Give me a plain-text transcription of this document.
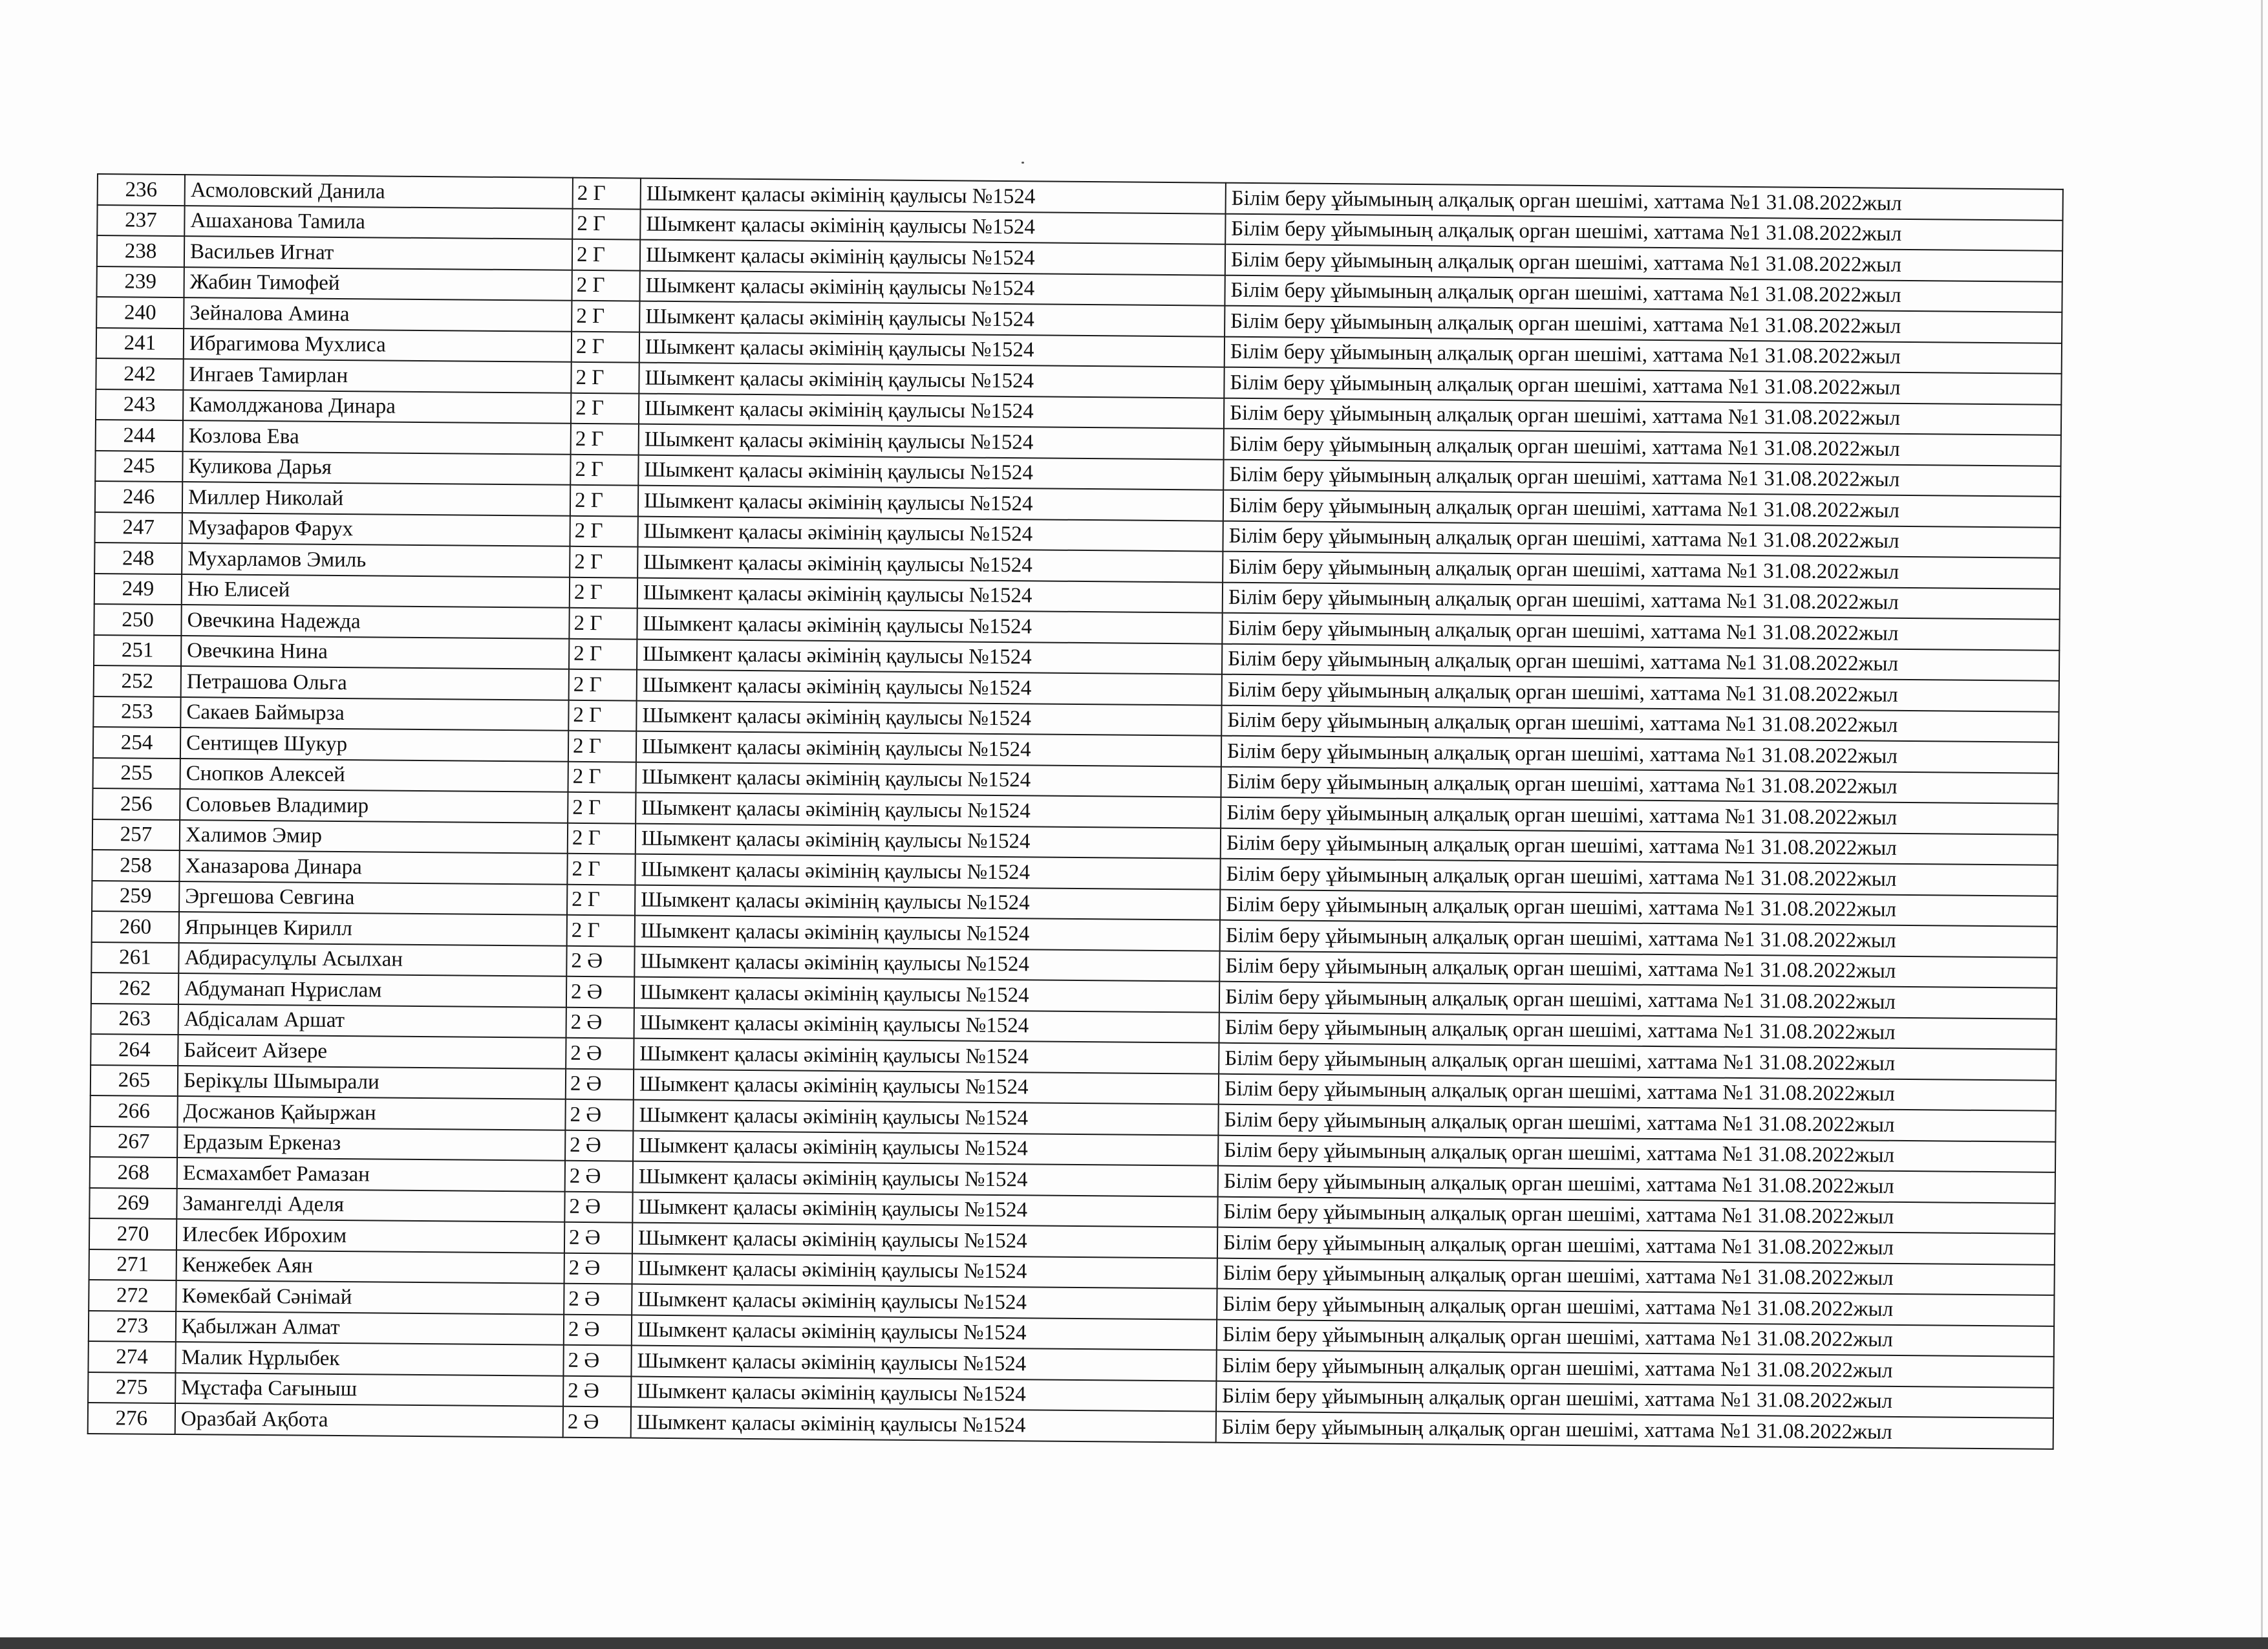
236	Асмоловский Данила	2 Г	Шымкент қаласы әкімінің қаулысы №1524	Білім беру ұйымының алқалық орган шешімі, хаттама №1 31.08.2022жыл
237	Ашаханова Тамила	2 Г	Шымкент қаласы әкімінің қаулысы №1524	Білім беру ұйымының алқалық орган шешімі, хаттама №1 31.08.2022жыл
238	Васильев Игнат	2 Г	Шымкент қаласы әкімінің қаулысы №1524	Білім беру ұйымының алқалық орган шешімі, хаттама №1 31.08.2022жыл
239	Жабин Тимофей	2 Г	Шымкент қаласы әкімінің қаулысы №1524	Білім беру ұйымының алқалық орган шешімі, хаттама №1 31.08.2022жыл
240	Зейналова Амина	2 Г	Шымкент қаласы әкімінің қаулысы №1524	Білім беру ұйымының алқалық орган шешімі, хаттама №1 31.08.2022жыл
241	Ибрагимова Мухлиса	2 Г	Шымкент қаласы әкімінің қаулысы №1524	Білім беру ұйымының алқалық орган шешімі, хаттама №1 31.08.2022жыл
242	Ингаев Тамирлан	2 Г	Шымкент қаласы әкімінің қаулысы №1524	Білім беру ұйымының алқалық орган шешімі, хаттама №1 31.08.2022жыл
243	Камолджанова Динара	2 Г	Шымкент қаласы әкімінің қаулысы №1524	Білім беру ұйымының алқалық орган шешімі, хаттама №1 31.08.2022жыл
244	Козлова Ева	2 Г	Шымкент қаласы әкімінің қаулысы №1524	Білім беру ұйымының алқалық орган шешімі, хаттама №1 31.08.2022жыл
245	Куликова Дарья	2 Г	Шымкент қаласы әкімінің қаулысы №1524	Білім беру ұйымының алқалық орган шешімі, хаттама №1 31.08.2022жыл
246	Миллер Николай	2 Г	Шымкент қаласы әкімінің қаулысы №1524	Білім беру ұйымының алқалық орган шешімі, хаттама №1 31.08.2022жыл
247	Музафаров Фарух	2 Г	Шымкент қаласы әкімінің қаулысы №1524	Білім беру ұйымының алқалық орган шешімі, хаттама №1 31.08.2022жыл
248	Мухарламов Эмиль	2 Г	Шымкент қаласы әкімінің қаулысы №1524	Білім беру ұйымының алқалық орган шешімі, хаттама №1 31.08.2022жыл
249	Ню Елисей	2 Г	Шымкент қаласы әкімінің қаулысы №1524	Білім беру ұйымының алқалық орган шешімі, хаттама №1 31.08.2022жыл
250	Овечкина Надежда	2 Г	Шымкент қаласы әкімінің қаулысы №1524	Білім беру ұйымының алқалық орган шешімі, хаттама №1 31.08.2022жыл
251	Овечкина Нина	2 Г	Шымкент қаласы әкімінің қаулысы №1524	Білім беру ұйымының алқалық орган шешімі, хаттама №1 31.08.2022жыл
252	Петрашова Ольга	2 Г	Шымкент қаласы әкімінің қаулысы №1524	Білім беру ұйымының алқалық орган шешімі, хаттама №1 31.08.2022жыл
253	Сакаев Баймырза	2 Г	Шымкент қаласы әкімінің қаулысы №1524	Білім беру ұйымының алқалық орган шешімі, хаттама №1 31.08.2022жыл
254	Сентищев Шукур	2 Г	Шымкент қаласы әкімінің қаулысы №1524	Білім беру ұйымының алқалық орган шешімі, хаттама №1 31.08.2022жыл
255	Снопков Алексей	2 Г	Шымкент қаласы әкімінің қаулысы №1524	Білім беру ұйымының алқалық орган шешімі, хаттама №1 31.08.2022жыл
256	Соловьев Владимир	2 Г	Шымкент қаласы әкімінің қаулысы №1524	Білім беру ұйымының алқалық орган шешімі, хаттама №1 31.08.2022жыл
257	Халимов Эмир	2 Г	Шымкент қаласы әкімінің қаулысы №1524	Білім беру ұйымының алқалық орган шешімі, хаттама №1 31.08.2022жыл
258	Ханазарова Динара	2 Г	Шымкент қаласы әкімінің қаулысы №1524	Білім беру ұйымының алқалық орган шешімі, хаттама №1 31.08.2022жыл
259	Эргешова Севгина	2 Г	Шымкент қаласы әкімінің қаулысы №1524	Білім беру ұйымының алқалық орган шешімі, хаттама №1 31.08.2022жыл
260	Япрынцев Кирилл	2 Г	Шымкент қаласы әкімінің қаулысы №1524	Білім беру ұйымының алқалық орган шешімі, хаттама №1 31.08.2022жыл
261	Абдирасулұлы Асылхан	2 Ә	Шымкент қаласы әкімінің қаулысы №1524	Білім беру ұйымының алқалық орган шешімі, хаттама №1 31.08.2022жыл
262	Абдуманап Нұрислам	2 Ә	Шымкент қаласы әкімінің қаулысы №1524	Білім беру ұйымының алқалық орган шешімі, хаттама №1 31.08.2022жыл
263	Абдісалам Аршат	2 Ә	Шымкент қаласы әкімінің қаулысы №1524	Білім беру ұйымының алқалық орган шешімі, хаттама №1 31.08.2022жыл
264	Байсеит Айзере	2 Ә	Шымкент қаласы әкімінің қаулысы №1524	Білім беру ұйымының алқалық орган шешімі, хаттама №1 31.08.2022жыл
265	Берікұлы Шымырали	2 Ә	Шымкент қаласы әкімінің қаулысы №1524	Білім беру ұйымының алқалық орган шешімі, хаттама №1 31.08.2022жыл
266	Досжанов Қайыржан	2 Ә	Шымкент қаласы әкімінің қаулысы №1524	Білім беру ұйымының алқалық орган шешімі, хаттама №1 31.08.2022жыл
267	Ердазым Еркеназ	2 Ә	Шымкент қаласы әкімінің қаулысы №1524	Білім беру ұйымының алқалық орган шешімі, хаттама №1 31.08.2022жыл
268	Есмахамбет Рамазан	2 Ә	Шымкент қаласы әкімінің қаулысы №1524	Білім беру ұйымының алқалық орган шешімі, хаттама №1 31.08.2022жыл
269	Замангелді Аделя	2 Ә	Шымкент қаласы әкімінің қаулысы №1524	Білім беру ұйымының алқалық орган шешімі, хаттама №1 31.08.2022жыл
270	Илесбек Иброхим	2 Ә	Шымкент қаласы әкімінің қаулысы №1524	Білім беру ұйымының алқалық орган шешімі, хаттама №1 31.08.2022жыл
271	Кенжебек Аян	2 Ә	Шымкент қаласы әкімінің қаулысы №1524	Білім беру ұйымының алқалық орган шешімі, хаттама №1 31.08.2022жыл
272	Көмекбай Сәнімай	2 Ә	Шымкент қаласы әкімінің қаулысы №1524	Білім беру ұйымының алқалық орган шешімі, хаттама №1 31.08.2022жыл
273	Қабылжан Алмат	2 Ә	Шымкент қаласы әкімінің қаулысы №1524	Білім беру ұйымының алқалық орган шешімі, хаттама №1 31.08.2022жыл
274	Малик Нұрлыбек	2 Ә	Шымкент қаласы әкімінің қаулысы №1524	Білім беру ұйымының алқалық орган шешімі, хаттама №1 31.08.2022жыл
275	Мұстафа Сағыныш	2 Ә	Шымкент қаласы әкімінің қаулысы №1524	Білім беру ұйымының алқалық орган шешімі, хаттама №1 31.08.2022жыл
276	Оразбай Ақбота	2 Ә	Шымкент қаласы әкімінің қаулысы №1524	Білім беру ұйымының алқалық орган шешімі, хаттама №1 31.08.2022жыл
